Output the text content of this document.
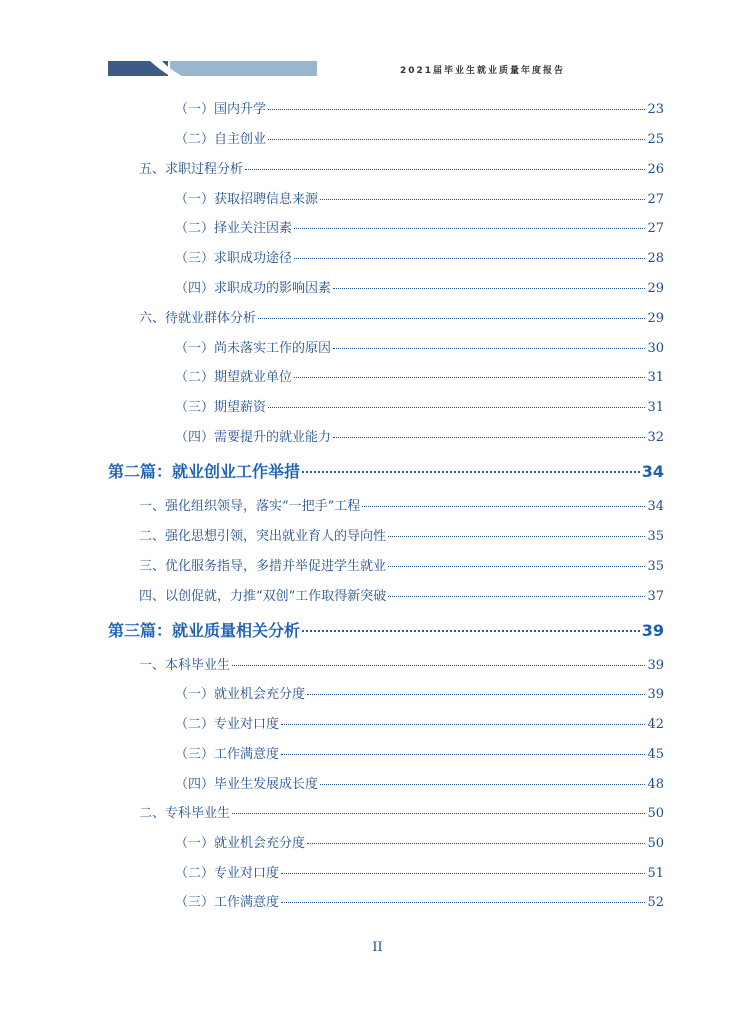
2021届毕业生就业质量年度报告
（一）国内升学	23
（二）自主创业	25
五、求职过程分析	26
（一）获取招聘信息来源	27
（二）择业关注因素	27
（三）求职成功途径	28
（四）求职成功的影响因素	29
六、待就业群体分析	29
（一）尚未落实工作的原因	30
（二）期望就业单位	31
（三）期望薪资	31
（四）需要提升的就业能力	32
第二篇：就业创业工作举措	34
一、强化组织领导，落实“一把手”工程	34
二、强化思想引领，突出就业育人的导向性	35
三、优化服务指导，多措并举促进学生就业	35
四、以创促就，力推“双创”工作取得新突破	37
第三篇：就业质量相关分析	39
一、本科毕业生	39
（一）就业机会充分度	39
（二）专业对口度	42
（三）工作满意度	45
（四）毕业生发展成长度	48
二、专科毕业生	50
（一）就业机会充分度	50
（二）专业对口度	51
（三）工作满意度	52
II
